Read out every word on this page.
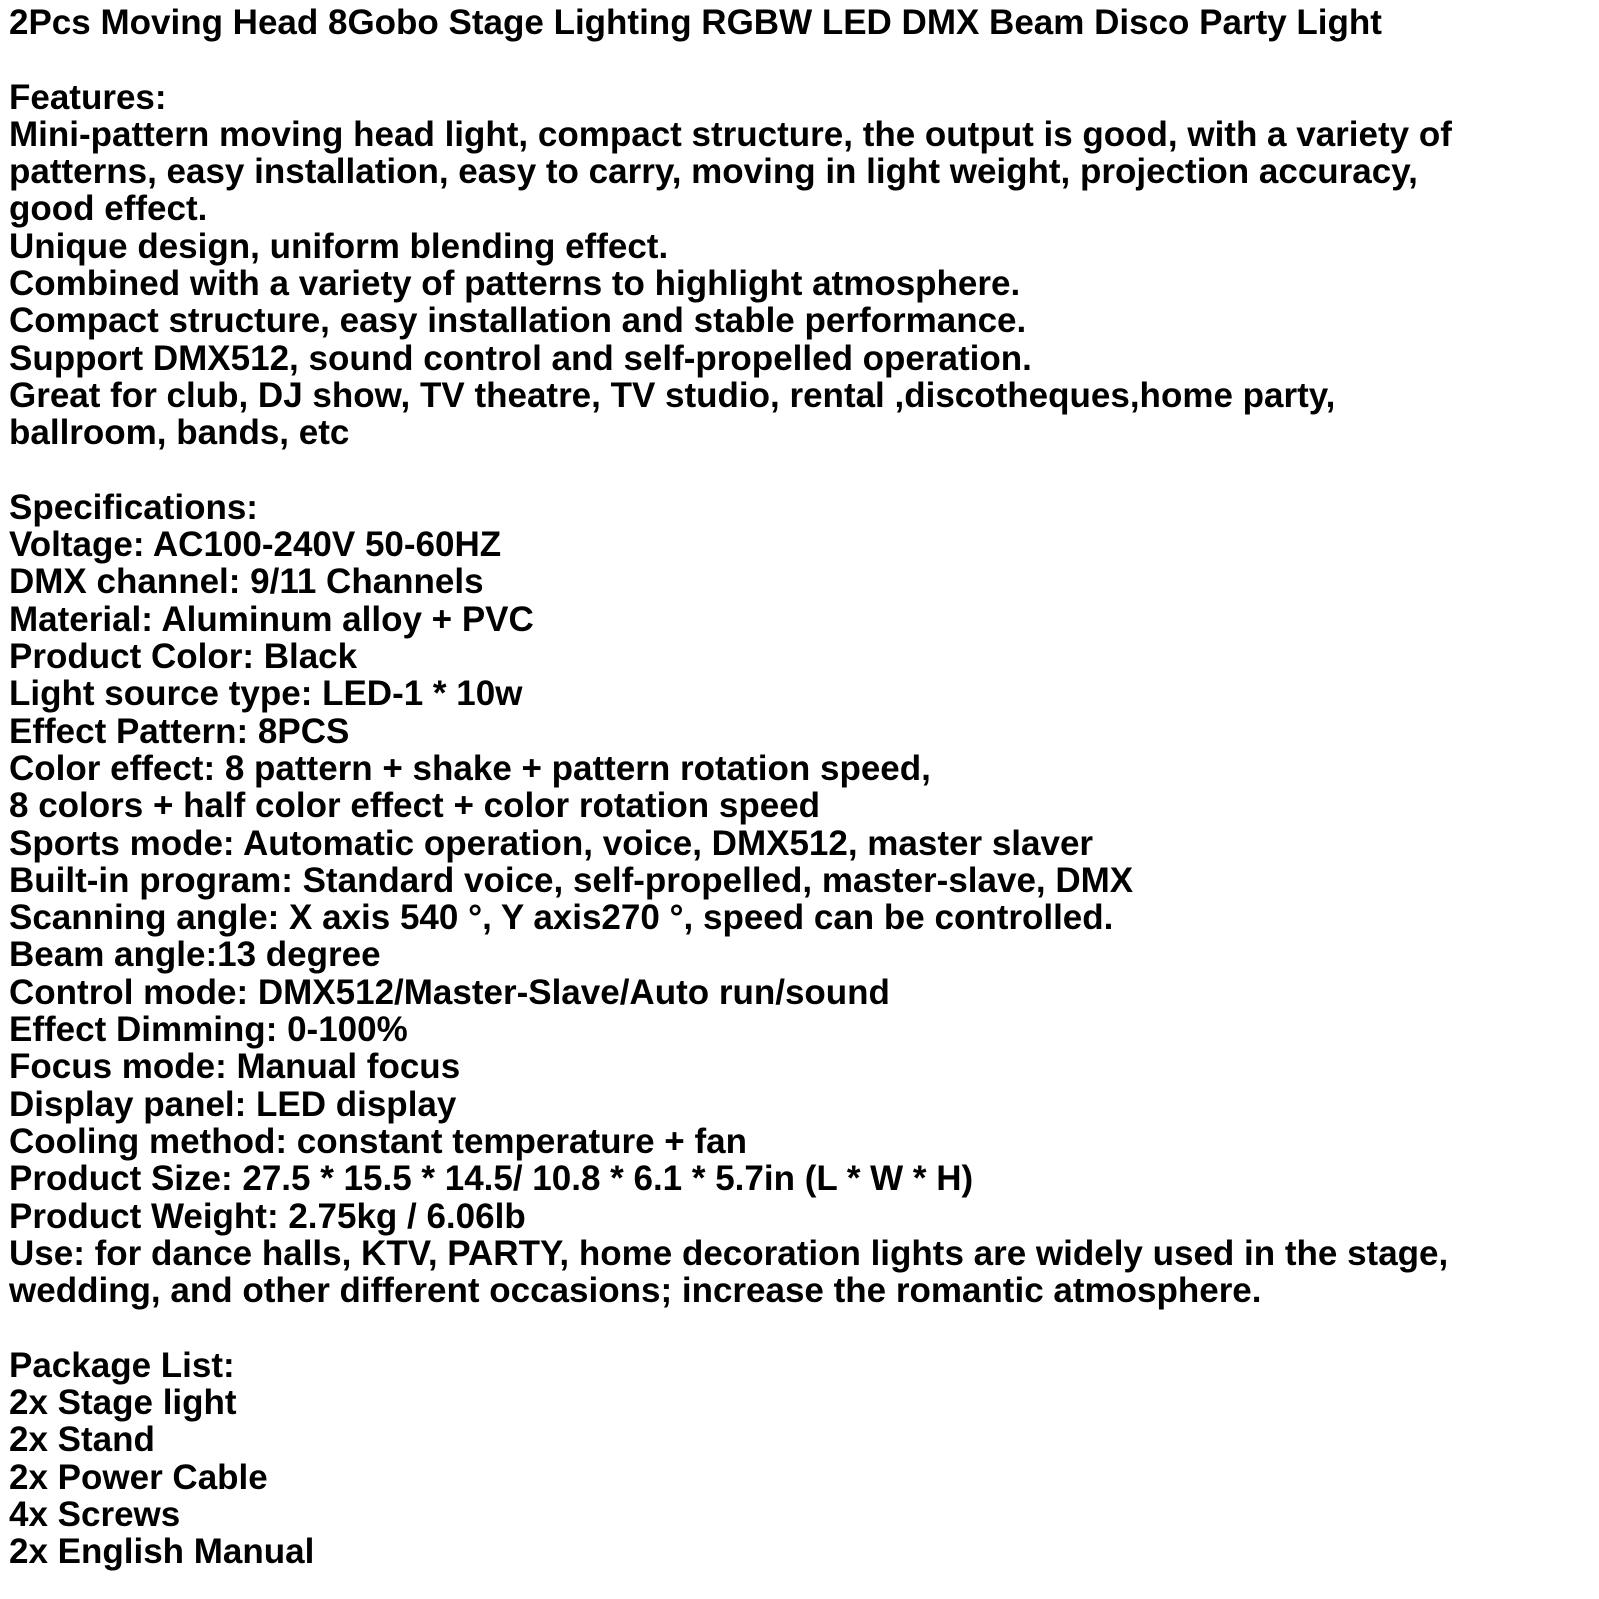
2Pcs Moving Head 8Gobo Stage Lighting RGBW LED DMX Beam Disco Party Light
Features:
Mini-pattern moving head light, compact structure, the output is good, with a variety of
patterns, easy installation, easy to carry, moving in light weight, projection accuracy,
good effect.
Unique design, uniform blending effect.
Combined with a variety of patterns to highlight atmosphere.
Compact structure, easy installation and stable performance.
Support DMX512, sound control and self-propelled operation.
Great for club, DJ show, TV theatre, TV studio, rental ,discotheques,home party,
ballroom, bands, etc
Specifications:
Voltage: AC100-240V 50-60HZ
DMX channel: 9/11 Channels
Material: Aluminum alloy + PVC
Product Color: Black
Light source type: LED-1 * 10w
Effect Pattern: 8PCS
Color effect: 8 pattern + shake + pattern rotation speed,
8 colors + half color effect + color rotation speed
Sports mode: Automatic operation, voice, DMX512, master slaver
Built-in program: Standard voice, self-propelled, master-slave, DMX
Scanning angle: X axis 540 °, Y axis270 °, speed can be controlled.
Beam angle:13 degree
Control mode: DMX512/Master-Slave/Auto run/sound
Effect Dimming: 0-100%
Focus mode: Manual focus
Display panel: LED display
Cooling method: constant temperature + fan
Product Size: 27.5 * 15.5 * 14.5/ 10.8 * 6.1 * 5.7in (L * W * H)
Product Weight: 2.75kg / 6.06lb
Use: for dance halls, KTV, PARTY, home decoration lights are widely used in the stage,
wedding, and other different occasions; increase the romantic atmosphere.
Package List:
2x Stage light
2x Stand
2x Power Cable
4x Screws
2x English Manual
